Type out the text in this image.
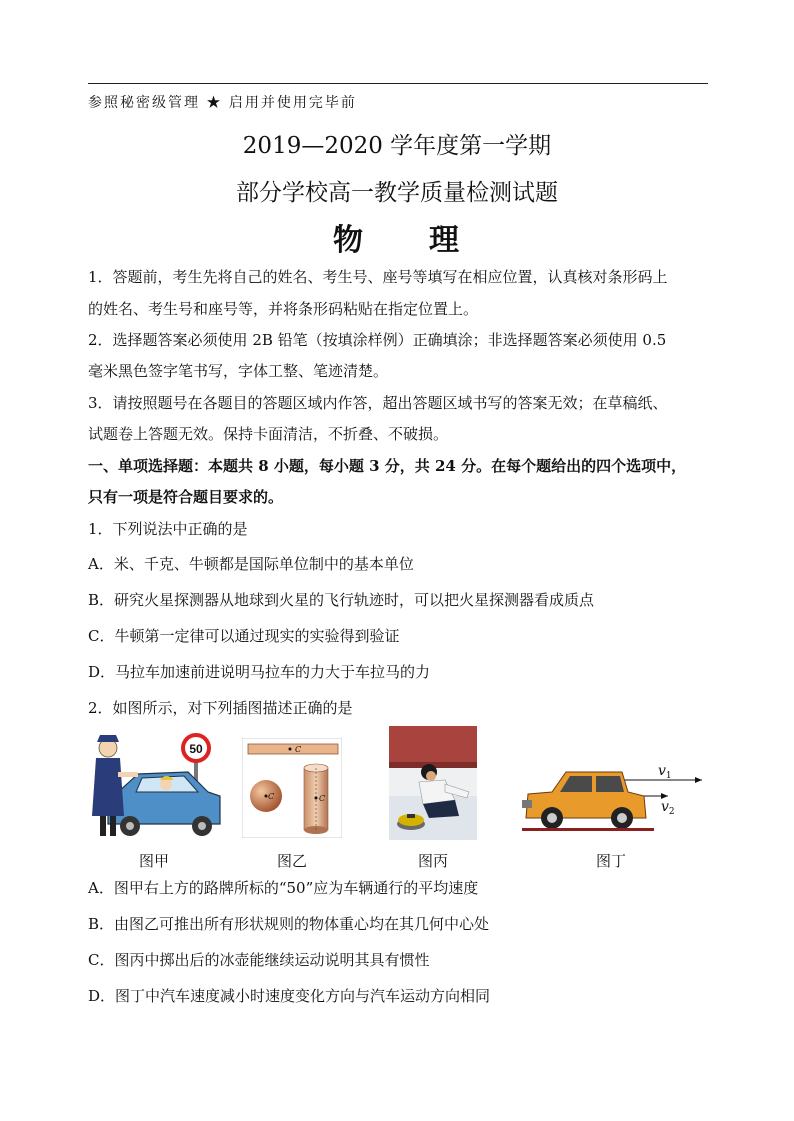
参照秘密级管理 ★ 启用并使用完毕前
2019—2020 学年度第一学期
部分学校高一教学质量检测试题
物　　理
1．答题前，考生先将自己的姓名、考生号、座号等填写在相应位置，认真核对条形码上
的姓名、考生号和座号等，并将条形码粘贴在指定位置上。
2．选择题答案必须使用 2B 铅笔（按填涂样例）正确填涂；非选择题答案必须使用 0.5
毫米黑色签字笔书写，字体工整、笔迹清楚。
3．请按照题号在各题目的答题区域内作答，超出答题区域书写的答案无效；在草稿纸、
试题卷上答题无效。保持卡面清洁，不折叠、不破损。
一、单项选择题：本题共 8 小题，每小题 3 分，共 24 分。在每个题给出的四个选项中，
只有一项是符合题目要求的。
1．下列说法中正确的是
A．米、千克、牛顿都是国际单位制中的基本单位
B．研究火星探测器从地球到火星的飞行轨迹时，可以把火星探测器看成质点
C．牛顿第一定律可以通过现实的实验得到验证
D．马拉车加速前进说明马拉车的力大于车拉马的力
2．如图所示，对下列插图描述正确的是
50
图甲
C
C	C
图乙	图丙
$v_1$
$v_2$
图丁
A．图甲右上方的路牌所标的“50”应为车辆通行的平均速度
B．由图乙可推出所有形状规则的物体重心均在其几何中心处
C．图丙中掷出后的冰壶能继续运动说明其具有惯性
D．图丁中汽车速度减小时速度变化方向与汽车运动方向相同
